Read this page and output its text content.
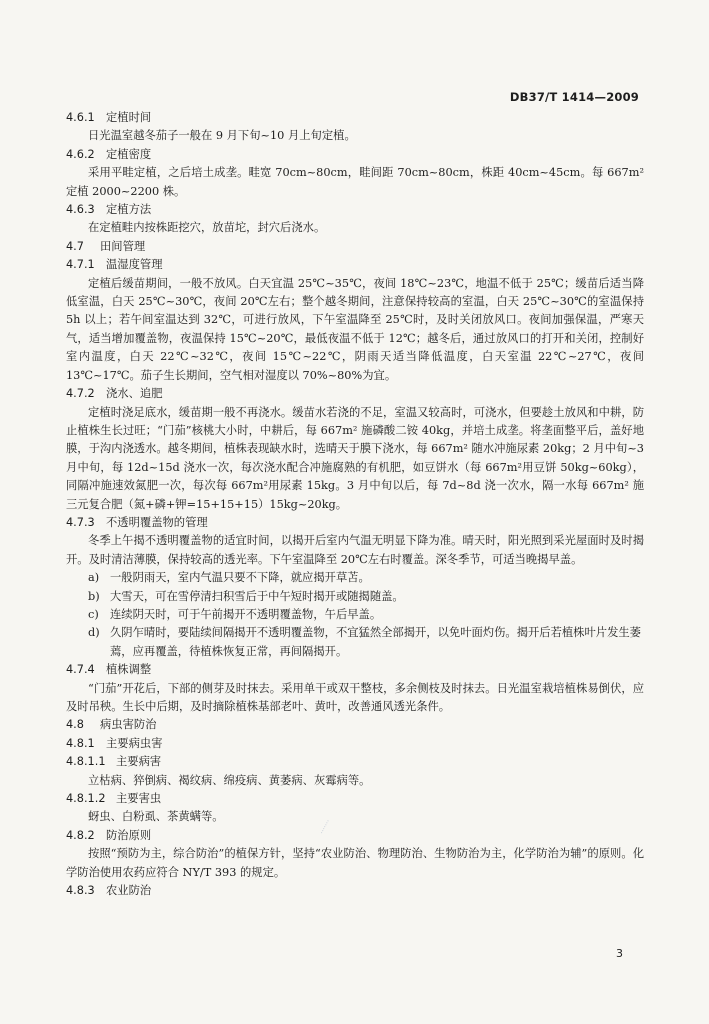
DB37/T 1414—2009
4.6.1 定植时间
日光温室越冬茄子一般在 9 月下旬~10 月上旬定植。
4.6.2 定植密度
采用平畦定植，之后培土成垄。畦宽 70cm~80cm，畦间距 70cm~80cm，株距 40cm~45cm。每 667m² 定植 2000~2200 株。
4.6.3 定植方法
在定植畦内按株距挖穴，放苗坨，封穴后浇水。
4.7 田间管理
4.7.1 温湿度管理
定植后缓苗期间，一般不放风。白天宜温 25℃~35℃，夜间 18℃~23℃，地温不低于 25℃；缓苗后适当降低室温，白天 25℃~30℃，夜间 20℃左右；整个越冬期间，注意保持较高的室温，白天 25℃~30℃的室温保持 5h 以上；若午间室温达到 32℃，可进行放风，下午室温降至 25℃时，及时关闭放风口。夜间加强保温，严寒天气，适当增加覆盖物，夜温保持 15℃~20℃，最低夜温不低于 12℃；越冬后，通过放风口的打开和关闭，控制好室内温度，白天 22℃~32℃，夜间 15℃~22℃，阴雨天适当降低温度，白天室温 22℃~27℃，夜间 13℃~17℃。茄子生长期间，空气相对湿度以 70%~80%为宜。
4.7.2 浇水、追肥
定植时浇足底水，缓苗期一般不再浇水。缓苗水若浇的不足，室温又较高时，可浇水，但要趁土放风和中耕，防止植株生长过旺；“门茄”核桃大小时，中耕后，每 667m² 施磷酸二铵 40kg，并培土成垄。将垄面整平后，盖好地膜，于沟内浇透水。越冬期间，植株表现缺水时，选晴天于膜下浇水，每 667m² 随水冲施尿素 20kg；2 月中旬~3 月中旬，每 12d~15d 浇水一次，每次浇水配合冲施腐熟的有机肥，如豆饼水（每 667m²用豆饼 50kg~60kg），同隔冲施速效氮肥一次，每次每 667m²用尿素 15kg。3 月中旬以后，每 7d~8d 浇一次水，隔一水每 667m² 施三元复合肥（氮+磷+钾=15+15+15）15kg~20kg。
4.7.3 不透明覆盖物的管理
冬季上午揭不透明覆盖物的适宜时间，以揭开后室内气温无明显下降为准。晴天时，阳光照到采光屋面时及时揭开。及时清洁薄膜，保持较高的透光率。下午室温降至 20℃左右时覆盖。深冬季节，可适当晚揭早盖。
a) 一般阴雨天，室内气温只要不下降，就应揭开草苫。
b) 大雪天，可在雪停清扫积雪后于中午短时揭开或随揭随盖。
c) 连续阴天时，可于午前揭开不透明覆盖物，午后早盖。
d) 久阴乍晴时，要陆续间隔揭开不透明覆盖物，不宜猛然全部揭开，以免叶面灼伤。揭开后若植株叶片发生萎蔫，应再覆盖，待植株恢复正常，再间隔揭开。
4.7.4 植株调整
“门茄”开花后，下部的侧芽及时抹去。采用单干或双干整枝，多余侧枝及时抹去。日光温室栽培植株易倒伏，应及时吊秧。生长中后期，及时摘除植株基部老叶、黄叶，改善通风透光条件。
4.8 病虫害防治
4.8.1 主要病虫害
4.8.1.1 主要病害
立枯病、猝倒病、褐纹病、绵疫病、黄萎病、灰霉病等。
4.8.1.2 主要害虫
蚜虫、白粉虱、茶黄螨等。
4.8.2 防治原则
按照“预防为主，综合防治”的植保方针，坚持“农业防治、物理防治、生物防治为主，化学防治为辅”的原则。化学防治使用农药应符合 NY/T 393 的规定。
4.8.3 农业防治
3
·······
